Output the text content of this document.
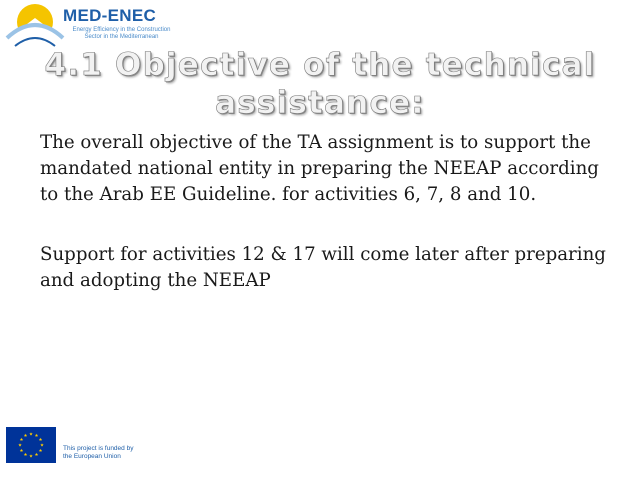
MED-ENEC
Energy Efficiency in the Construction Sector in the Mediterranean
4.1 Objective of the technical assistance:

The overall objective of the TA assignment is to support the mandated national entity in preparing the NEEAP according to the Arab EE Guideline. for activities 6, 7, 8 and 10.

Support for activities 12 & 17 will come later after preparing and adopting the NEEAP

This project is funded by the European Union
